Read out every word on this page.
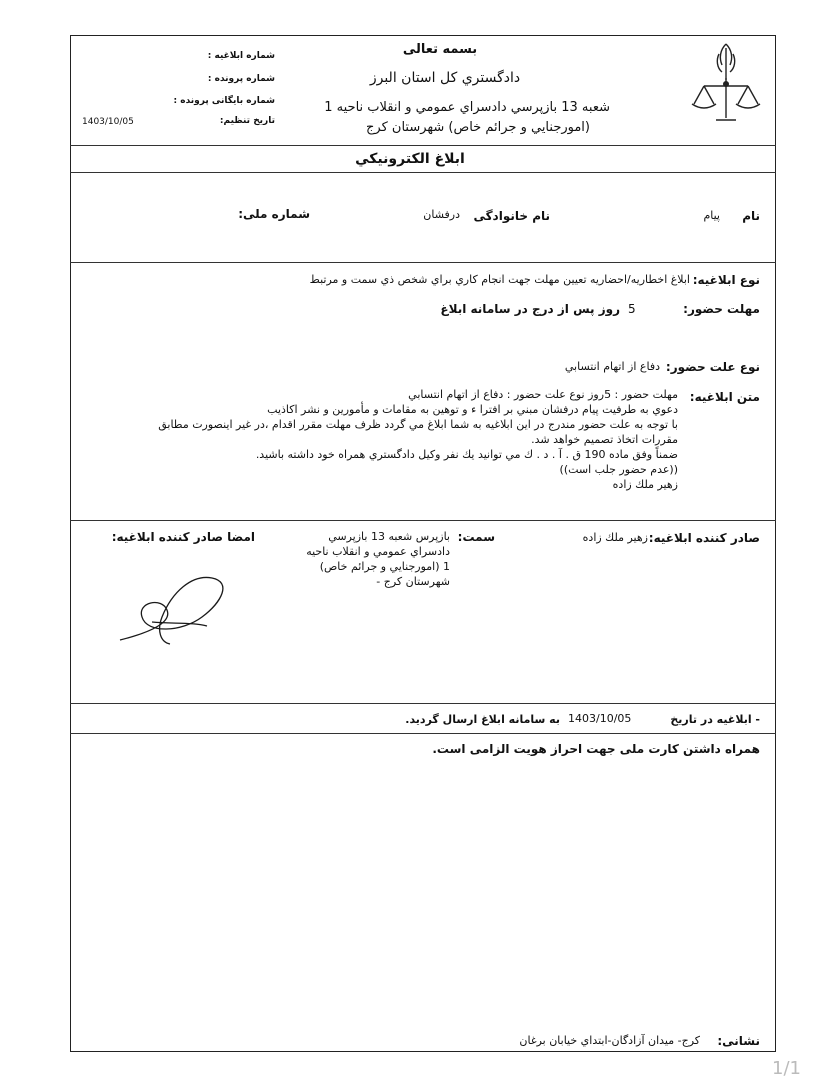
بسمه تعالی
دادگستري كل استان البرز
شعبه 13 بازپرسي دادسراي عمومي و انقلاب ناحيه 1
(امورجنايي و جرائم خاص) شهرستان كرج
شماره ابلاغیه :
شماره پرونده :
شماره بایگانی پرونده :
تاریخ تنظیم:
1403/10/05
ابلاغ الكترونيكي
نام
پيام
نام خانوادگی
درفشان
شماره ملی:
نوع ابلاغیه:
ابلاغ اخطاريه/احضاريه تعيين مهلت جهت انجام كاري براي شخص ذي سمت و مرتبط
مهلت حضور:
5
روز پس از درج در سامانه ابلاغ
نوع علت حضور:
دفاع از اتهام انتسابي
متن ابلاغیه:
مهلت حضور : 5روز نوع علت حضور : دفاع از اتهام انتسابي
دعوي به طرفيت پيام درفشان مبني بر افترا ء و توهين به مقامات و مأمورين و نشر اكاذيب
با توجه به علت حضور مندرج در اين ابلاغيه به شما ابلاغ مي گردد ظرف مهلت مقرر اقدام ،در غير اينصورت مطابق
مقررات اتخاذ تصميم خواهد شد.
ضمناً وفق ماده 190 ق . آ . د . ك مي توانيد يك نفر وكيل دادگستري همراه خود داشته باشيد.
((عدم حضور جلب است))
زهير ملك زاده
صادر كننده ابلاغیه:
زهير ملك زاده
سمت:
بازپرس شعبه 13 بازپرسي دادسراي عمومي و انقلاب ناحيه 1 (امورجنايي و جرائم خاص) شهرستان كرج -
امضا صادر كننده ابلاغیه:
- ابلاغیه در تاریخ
1403/10/05
به سامانه ابلاغ ارسال گردید.
همراه داشتن كارت ملی جهت احراز هویت الزامی است.
نشانی:
كرج- ميدان آزادگان-ابتداي خيابان برغان
1/1
